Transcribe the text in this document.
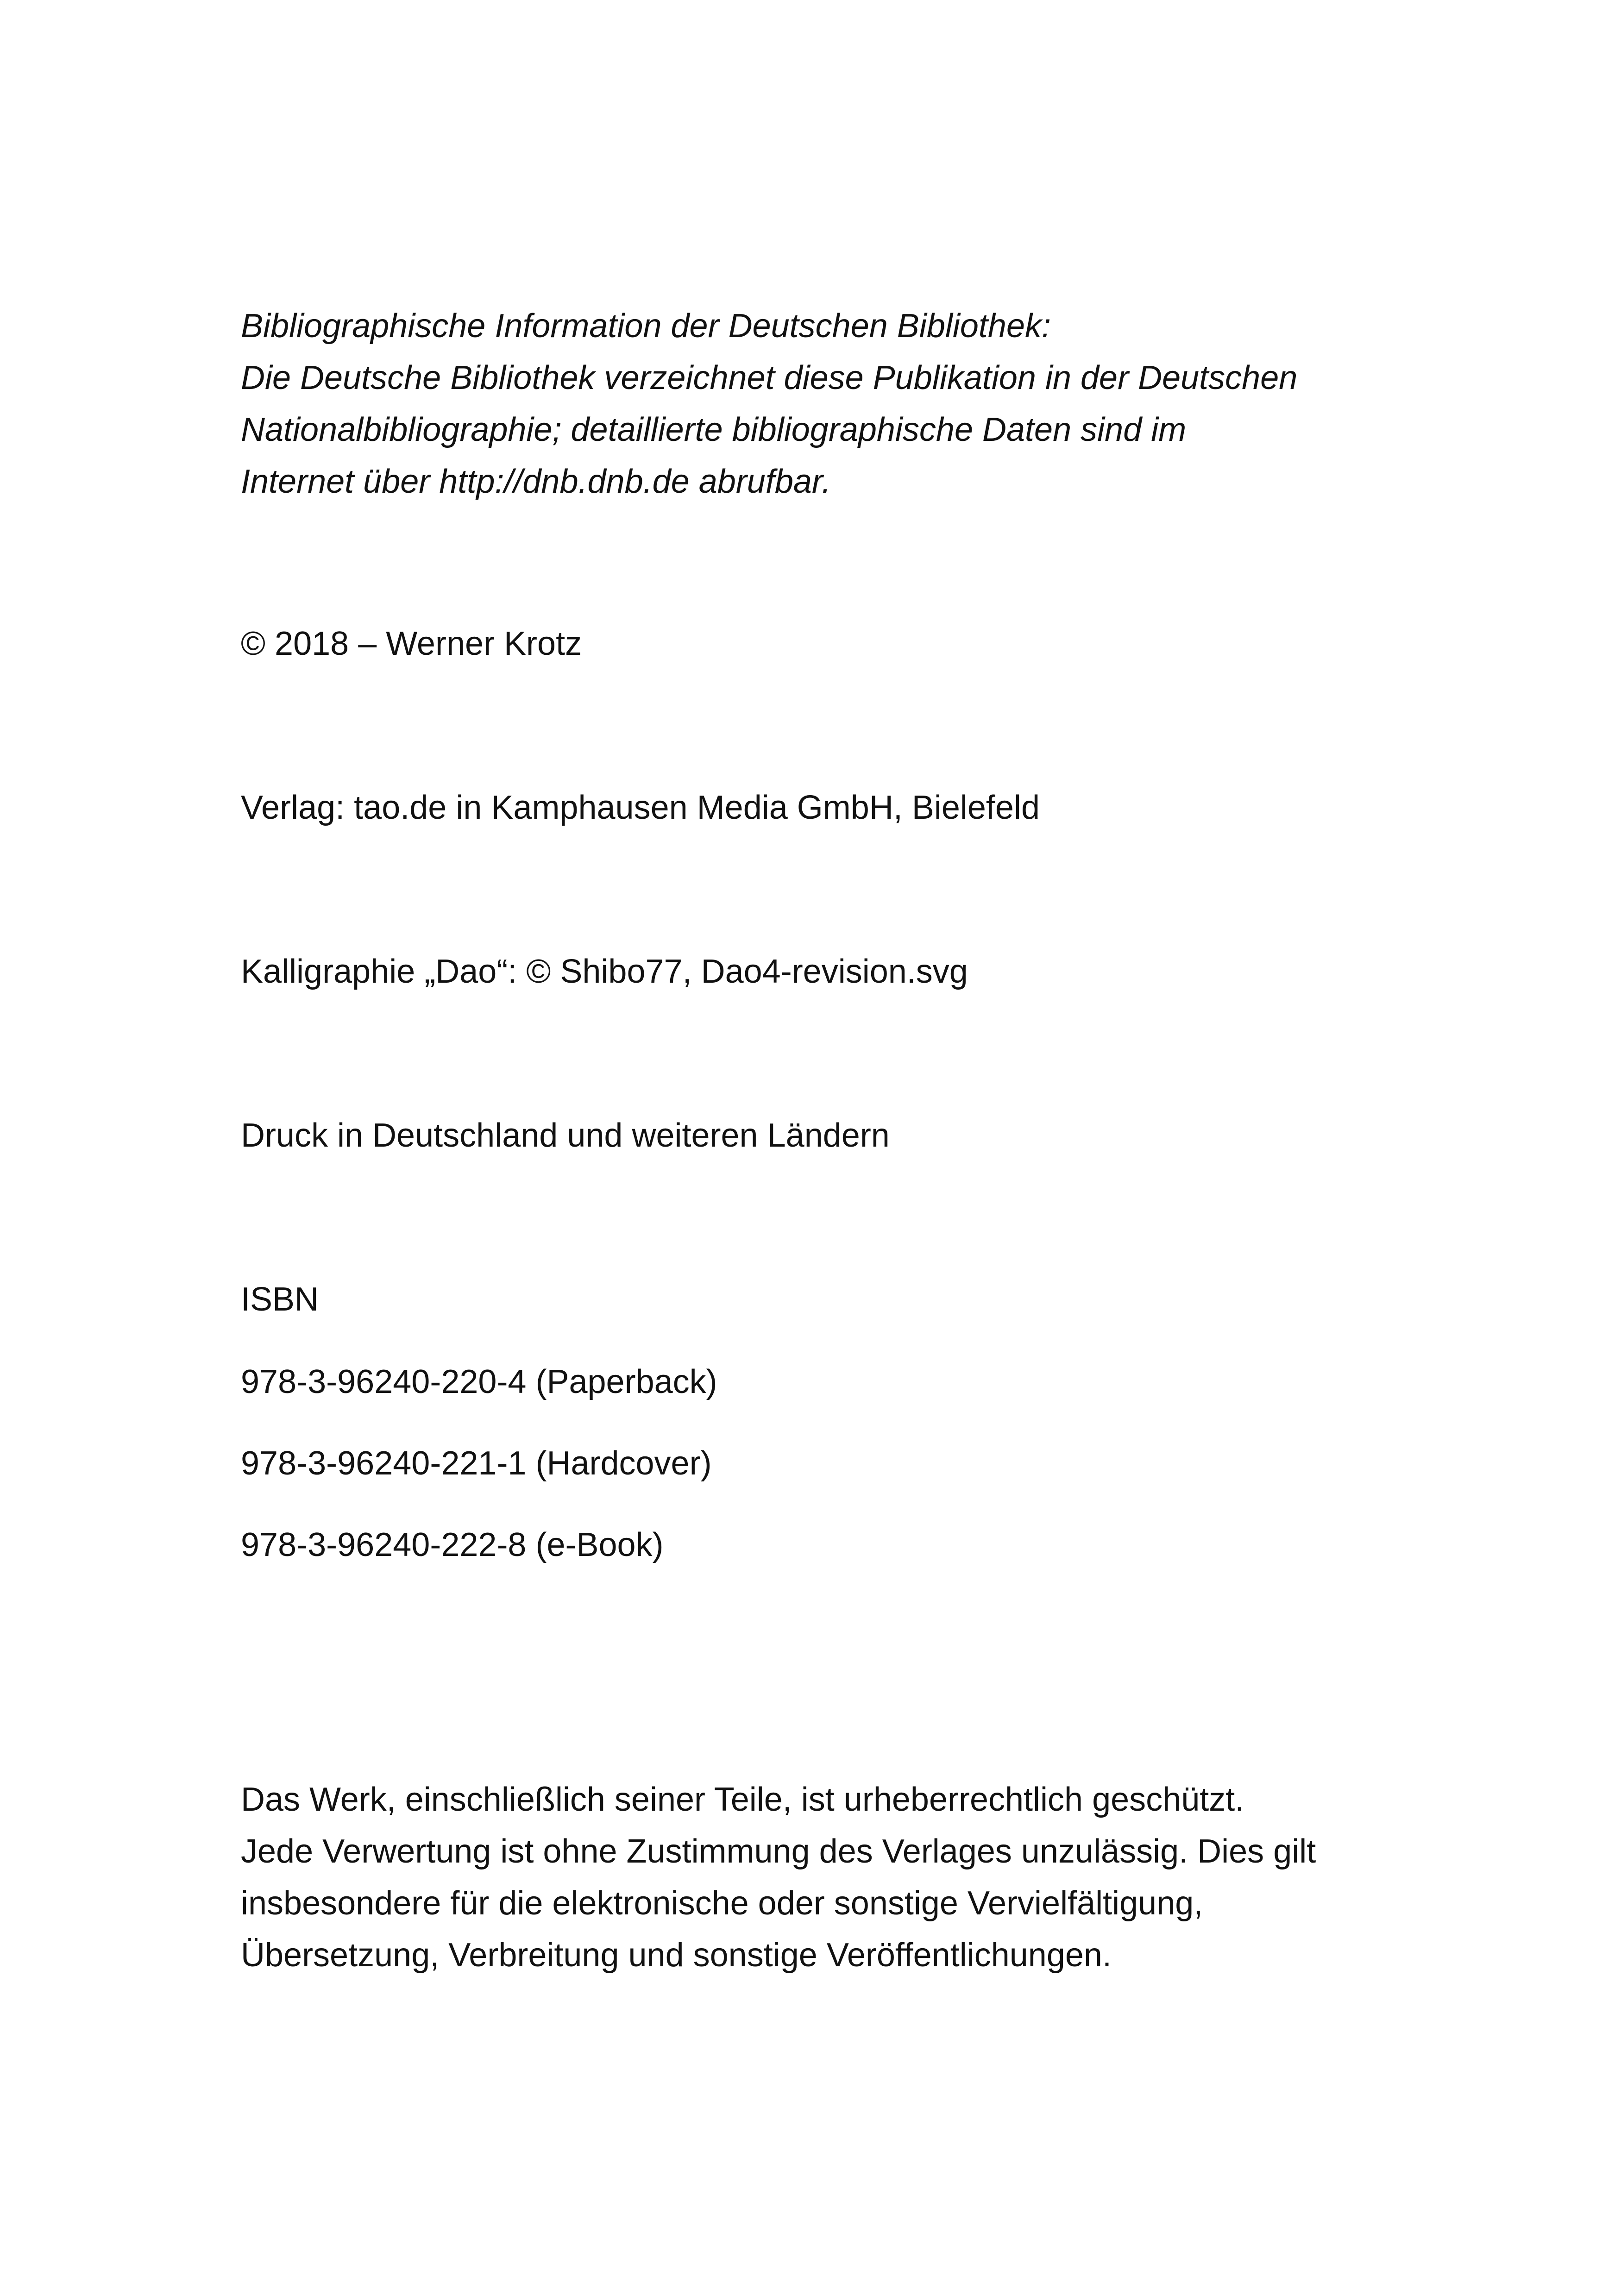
Bibliographische Information der Deutschen Bibliothek:
Die Deutsche Bibliothek verzeichnet diese Publikation in der Deutschen
Nationalbibliographie; detaillierte bibliographische Daten sind im
Internet über http://dnb.dnb.de abrufbar.
© 2018 – Werner Krotz
Verlag: tao.de in Kamphausen Media GmbH, Bielefeld
Kalligraphie „Dao“: © Shibo77, Dao4-revision.svg
Druck in Deutschland und weiteren Ländern
ISBN
978-3-96240-220-4 (Paperback)
978-3-96240-221-1 (Hardcover)
978-3-96240-222-8 (e-Book)
Das Werk, einschließlich seiner Teile, ist urheberrechtlich geschützt.
Jede Verwertung ist ohne Zustimmung des Verlages unzulässig. Dies gilt
insbesondere für die elektronische oder sonstige Vervielfältigung,
Übersetzung, Verbreitung und sonstige Veröffentlichungen.
